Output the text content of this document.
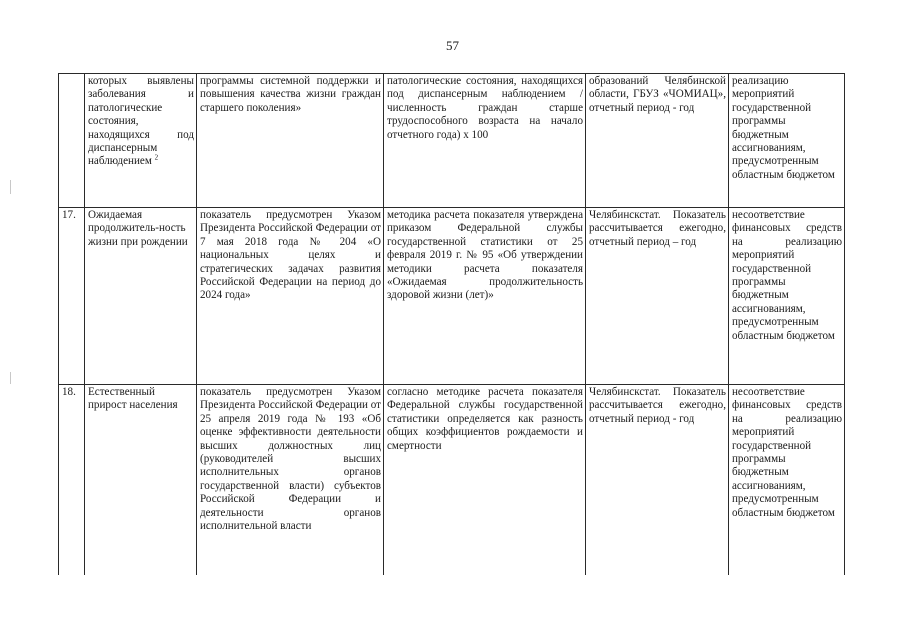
57
	которых выявлены заболевания и патологические состояния, находящихся под диспансерным наблюдением $^2$	программы системной поддержки и повышения качества жизни граждан старшего поколения»	патологические состояния, находящихся под диспансерным наблюдением / численность граждан старше трудоспособного возраста на начало отчетного года) х 100	образований Челябинской области, ГБУЗ «ЧОМИАЦ», отчетный период - год	реализацию мероприятий государственной программы бюджетным ассигнованиям, предусмотренным областным бюджетом
17.	Ожидаемая продолжитель-ность жизни при рождении	показатель предусмотрен Указом Президента Российской Федерации от 7 мая 2018 года № 204 «О национальных целях и стратегических задачах развития Российской Федерации на период до 2024 года»	методика расчета показателя утверждена приказом Федеральной службы государственной статистики от 25 февраля 2019 г. № 95 «Об утверждении методики расчета показателя «Ожидаемая продолжительность здоровой жизни (лет)»	Челябинскстат. Показатель рассчитывается ежегодно, отчетный период – год	несоответствие финансовых средств на реализацию мероприятий государственной программы бюджетным ассигнованиям, предусмотренным областным бюджетом
18.	Естественный прирост населения	показатель предусмотрен Указом Президента Российской Федерации от 25 апреля 2019 года № 193 «Об оценке эффективности деятельности высших должностных лиц (руководителей высших исполнительных органов государственной власти) субъектов Российской Федерации и деятельности органов исполнительной власти	согласно методике расчета показателя Федеральной службы государственной статистики определяется как разность общих коэффициентов рождаемости и смертности	Челябинскстат. Показатель рассчитывается ежегодно, отчетный период - год	несоответствие финансовых средств на реализацию мероприятий государственной программы бюджетным ассигнованиям, предусмотренным областным бюджетом
